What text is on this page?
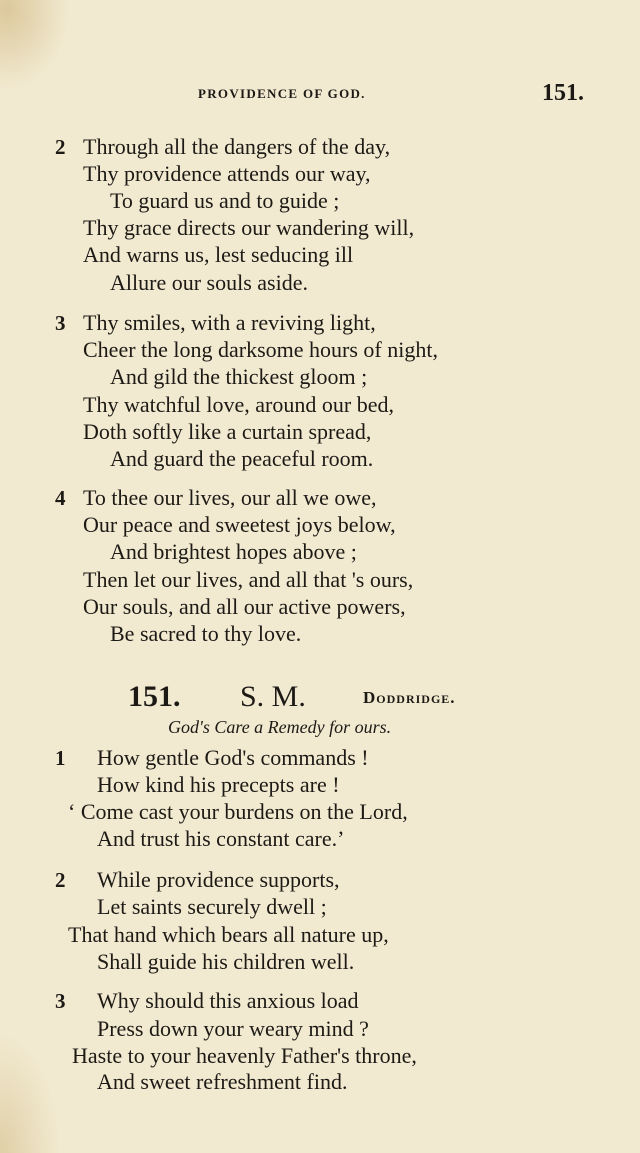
PROVIDENCE OF GOD.	151.
2 Through all the dangers of the day,
Thy providence attends our way,
To guard us and to guide ;
Thy grace directs our wandering will,
And warns us, lest seducing ill
Allure our souls aside.
3 Thy smiles, with a reviving light,
Cheer the long darksome hours of night,
And gild the thickest gloom ;
Thy watchful love, around our bed,
Doth softly like a curtain spread,
And guard the peaceful room.
4 To thee our lives, our all we owe,
Our peace and sweetest joys below,
And brightest hopes above ;
Then let our lives, and all that 's ours,
Our souls, and all our active powers,
Be sacred to thy love.
151. S. M.	Doddridge.
God's Care a Remedy for ours.
1 How gentle God's commands !
How kind his precepts are !
‘ Come cast your burdens on the Lord,
And trust his constant care.’
2 While providence supports,
Let saints securely dwell ;
That hand which bears all nature up,
Shall guide his children well.
3 Why should this anxious load
Press down your weary mind ?
Haste to your heavenly Father's throne,
And sweet refreshment find.
